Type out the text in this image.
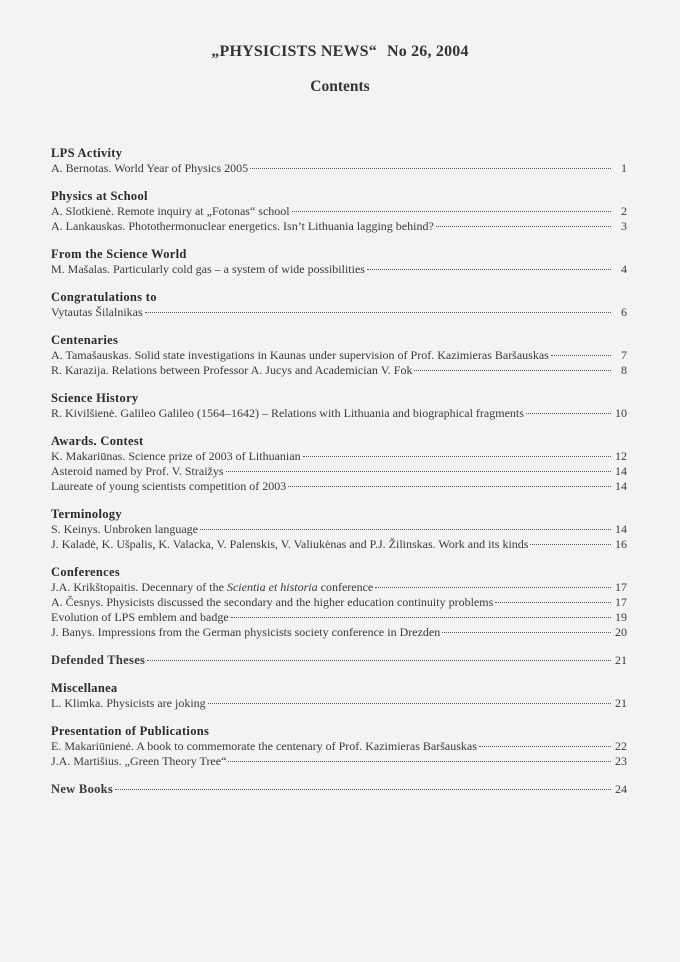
„PHYSICISTS NEWS“ No 26, 2004
Contents
LPS Activity
A. Bernotas. World Year of Physics 2005	1
Physics at School
A. Slotkienė. Remote inquiry at „Fotonas“ school	2
A. Lankauskas. Photothermonuclear energetics. Isn’t Lithuania lagging behind?	3
From the Science World
M. Mašalas. Particularly cold gas – a system of wide possibilities	4
Congratulations to
Vytautas Šilalnikas	6
Centenaries
A. Tamašauskas. Solid state investigations in Kaunas under supervision of Prof. Kazimieras Baršauskas	7
R. Karazija. Relations between Professor A. Jucys and Academician V. Fok	8
Science History
R. Kivilšienė. Galileo Galileo (1564–1642) – Relations with Lithuania and biographical fragments	10
Awards. Contest
K. Makariūnas. Science prize of 2003 of Lithuanian	12
Asteroid named by Prof. V. Straižys	14
Laureate of young scientists competition of 2003	14
Terminology
S. Keinys. Unbroken language	14
J. Kaladė, K. Ušpalis, K. Valacka, V. Palenskis, V. Valiukėnas and P.J. Žilinskas. Work and its kinds	16
Conferences
J.A. Krikštopaitis. Decennary of the Scientia et historia conference	17
A. Česnys. Physicists discussed the secondary and the higher education continuity problems	17
Evolution of LPS emblem and badge	19
J. Banys. Impressions from the German physicists society conference in Drezden	20
Defended Theses	21
Miscellanea
L. Klimka. Physicists are joking	21
Presentation of Publications
E. Makariūnienė. A book to commemorate the centenary of Prof. Kazimieras Baršauskas	22
J.A. Martišius. „Green Theory Tree“	23
New Books	24
